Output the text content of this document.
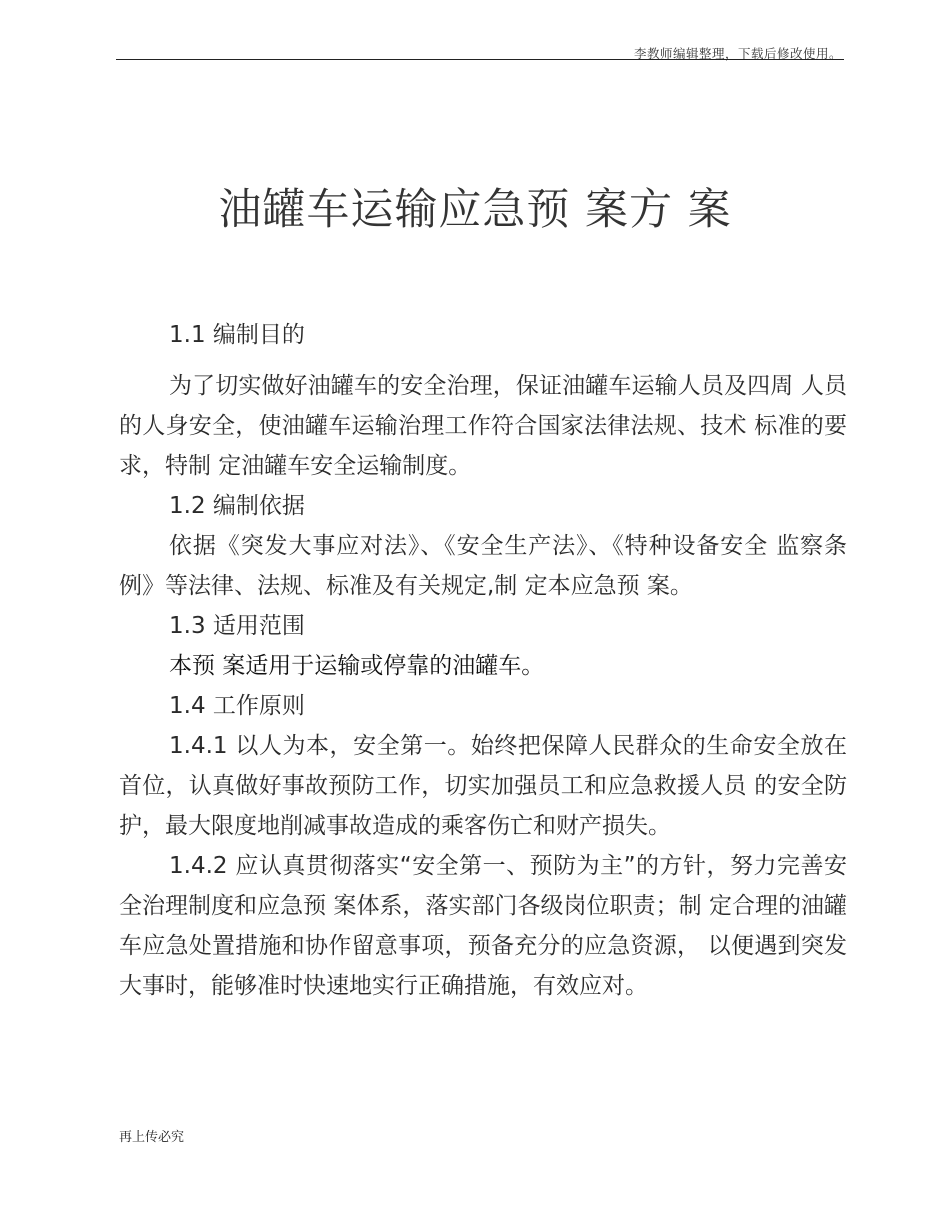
李教师编辑整理，下载后修改使用。
油罐车运输应急预 案方 案

1.1 编制目的

为了切实做好油罐车的安全治理，保证油罐车运输人员及四周 人员的人身安全，使油罐车运输治理工作符合国家法律法规、技术 标准的要求，特制 定油罐车安全运输制度。

1.2 编制依据

依据《突发大事应对法》、《安全生产法》、《特种设备安全 监察条例》等法律、法规、标准及有关规定,制 定本应急预 案。

1.3 适用范围

本预 案适用于运输或停靠的油罐车。

1.4 工作原则

1.4.1 以人为本，安全第一。始终把保障人民群众的生命安全放在首位，认真做好事故预防工作，切实加强员工和应急救援人员 的安全防护，最大限度地削减事故造成的乘客伤亡和财产损失。

1.4.2 应认真贯彻落实“安全第一、预防为主”的方针，努力完善安全治理制度和应急预 案体系，落实部门各级岗位职责；制 定合理的油罐车应急处置措施和协作留意事项，预备充分的应急资源， 以便遇到突发大事时，能够准时快速地实行正确措施，有效应对。

再上传必究
